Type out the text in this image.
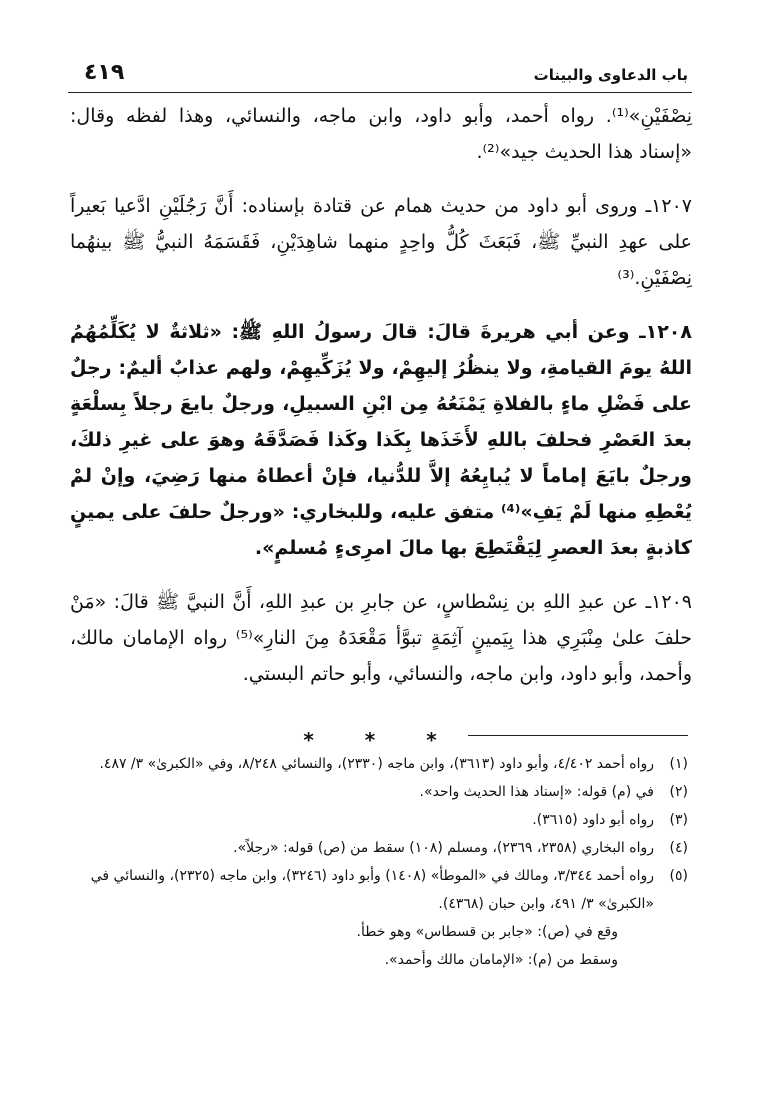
باب الدعاوى والبينات
٤١٩

نِصْفَيْنِ»⁽¹⁾. رواه أحمد، وأبو داود، وابن ماجه، والنسائي، وهذا لفظه وقال: «إسناد هذا الحديث جيد»⁽²⁾.

١٢٠٧ـ وروى أبو داود من حديث همام عن قتادة بإسناده: أَنَّ رَجُلَيْنِ ادَّعيا بَعيراً على عهدِ النبيِّ ﷺ، فَبَعَثَ كُلُّ واحِدٍ منهما شاهِدَيْنِ، فَقَسَمَهُ النبيُّ ﷺ بينهُما نِصْفَيْنِ.⁽³⁾

١٢٠٨ـ وعن أبي هريرةَ قالَ: قالَ رسولُ اللهِ ﷺ: «ثلاثةٌ لا يُكَلِّمُهُمُ اللهُ يومَ القيامةِ، ولا ينظُرُ إليهِمْ، ولا يُزَكِّيهِمْ، ولهم عذابٌ أليمٌ: رجلٌ على فَضْلِ ماءٍ بالفلاةِ يَمْنَعُهُ مِن ابْنِ السبيلِ، ورجلٌ بايعَ رجلاً بِسلْعَةٍ بعدَ العَصْرِ فحلفَ باللهِ لأَخَذَها بِكَذا وكَذا فَصَدَّقَهُ وهوَ على غيرِ ذلكَ، ورجلٌ بايَعَ إماماً لا يُبايِعُهُ إلاَّ للدُّنيا، فإنْ أعطاهُ منها رَضِيَ، وإنْ لمْ يُعْطِهِ منها لَمْ يَفِ»⁽⁴⁾ متفق عليه، وللبخاري: «ورجلٌ حلفَ على يمينٍ كاذبةٍ بعدَ العصرِ لِيَقْتَطِعَ بها مالَ امرِىءٍ مُسلمٍ».

١٢٠٩ـ عن عبدِ اللهِ بن نِسْطاسٍ، عن جابرِ بن عبدِ اللهِ، أَنَّ النبيَّ ﷺ قالَ: «مَنْ حلفَ علىٰ مِنْبَرِي هذا بِيَمينٍ آثِمَةٍ تبوَّأ مَقْعَدَهُ مِنَ النارِ»⁽⁵⁾ رواه الإمامان مالك، وأحمد، وأبو داود، وابن ماجه، والنسائي، وأبو حاتم البستي.

* * *
(١)
رواه أحمد ٤/٤٠٢، وأبو داود (٣٦١٣)، وابن ماجه (٢٣٣٠)، والنسائي ٨/٢٤٨، وفي «الكبرىٰ» ٣/ ٤٨٧.
(٢)
في (م) قوله: «إسناد هذا الحديث واحد».
(٣)
رواه أبو داود (٣٦١٥).
(٤)
رواه البخاري (٢٣٥٨، ٢٣٦٩)، ومسلم (١٠٨) سقط من (ص) قوله: «رجلاً».
(٥)
رواه أحمد ٣/٣٤٤، ومالك في «الموطأ» (١٤٠٨) وأبو داود (٣٢٤٦)، وابن ماجه (٢٣٢٥)، والنسائي في «الكبرىٰ» ٣/ ٤٩١، وابن حبان (٤٣٦٨).
وقع في (ص): «جابر بن قسطاس» وهو خطأ.
وسقط من (م): «الإمامان مالك وأحمد».
